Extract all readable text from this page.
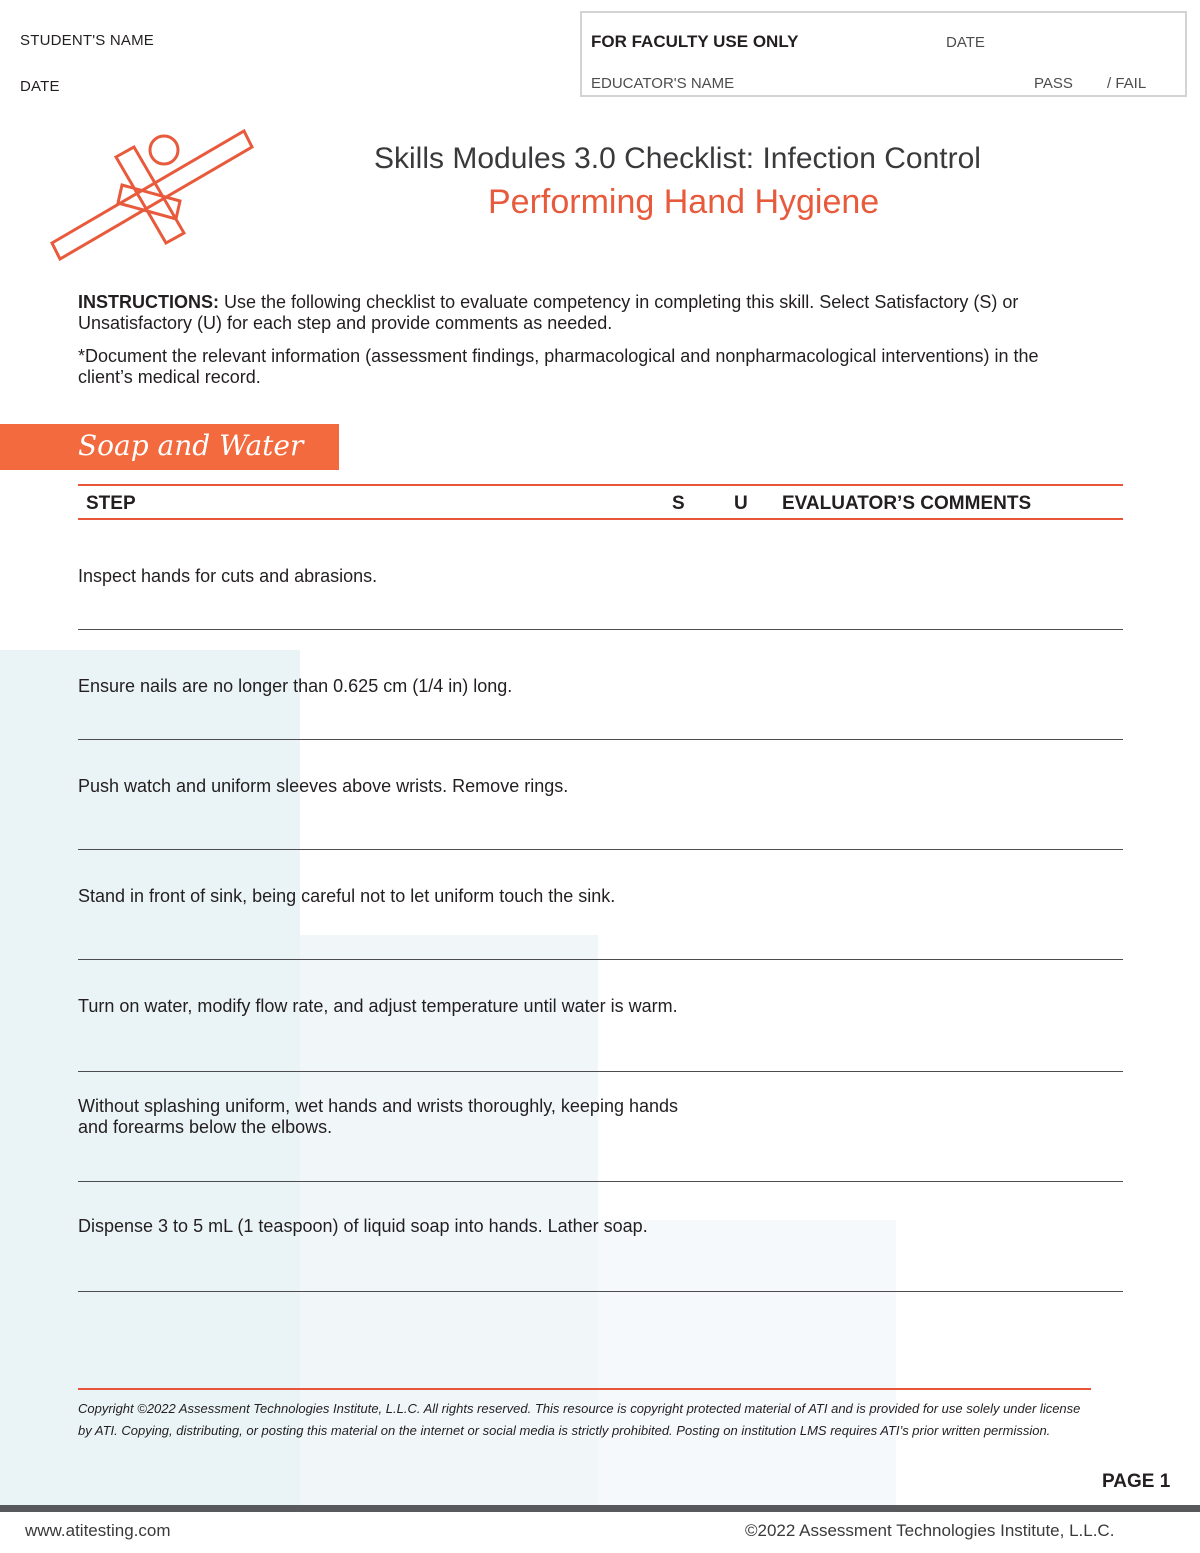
STUDENT'S NAME
DATE
FOR FACULTY USE ONLY	DATE
EDUCATOR'S NAME	PASS / FAIL
Skills Modules 3.0 Checklist: Infection Control
Performing Hand Hygiene

INSTRUCTIONS: Use the following checklist to evaluate competency in completing this skill. Select Satisfactory (S) or Unsatisfactory (U) for each step and provide comments as needed.

*Document the relevant information (assessment findings, pharmacological and nonpharmacological interventions) in the client’s medical record.

Soap and Water
STEP	S	U EVALUATOR’S COMMENTS
Inspect hands for cuts and abrasions.
Ensure nails are no longer than 0.625 cm (1/4 in) long.
Push watch and uniform sleeves above wrists. Remove rings.
Stand in front of sink, being careful not to let uniform touch the sink.
Turn on water, modify flow rate, and adjust temperature until water is warm.
Without splashing uniform, wet hands and wrists thoroughly, keeping hands and forearms below the elbows.
Dispense 3 to 5 mL (1 teaspoon) of liquid soap into hands. Lather soap.
Copyright ©2022 Assessment Technologies Institute, L.L.C. All rights reserved. This resource is copyright protected material of ATI and is provided for use solely under license by ATI. Copying, distributing, or posting this material on the internet or social media is strictly prohibited. Posting on institution LMS requires ATI’s prior written permission.
PAGE 1
www.atitesting.com	©2022 Assessment Technologies Institute, L.L.C.
